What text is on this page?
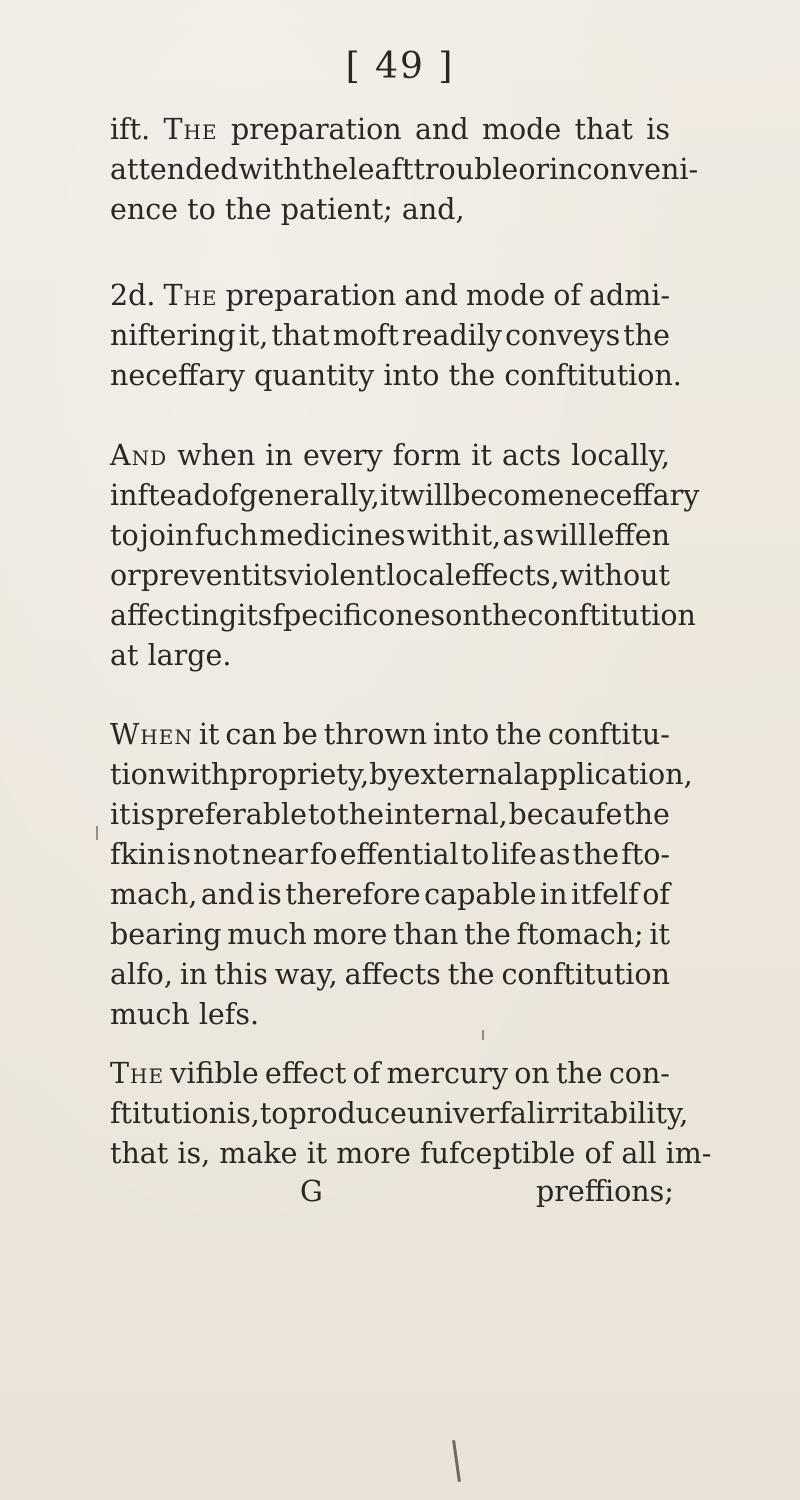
[ 49 ]
ift. The preparation and mode that is
attended with the leaft trouble or inconveni-
ence to the patient; and,
2d. The preparation and mode of admi-
niftering it, that moft readily conveys the
neceffary quantity into the conftitution.
And when in every form it acts locally,
inftead of generally, it will become neceffary
to join fuch medicines with it, as will leffen
or prevent its violent local effects, without
affecting its fpecific ones on the conftitution
at large.
When it can be thrown into the conftitu-
tion with propriety, by external application,
it is preferable to the internal, becaufe the
fkin is not near fo effential to life as the fto-
mach, and is therefore capable in itfelf of
bearing much more than the ftomach; it
alfo, in this way, affects the conftitution
much lefs.
The vifible effect of mercury on the con-
ftitution is, to produce univerfal irritability,
that is, make it more fufceptible of all im-
G	preffions;
